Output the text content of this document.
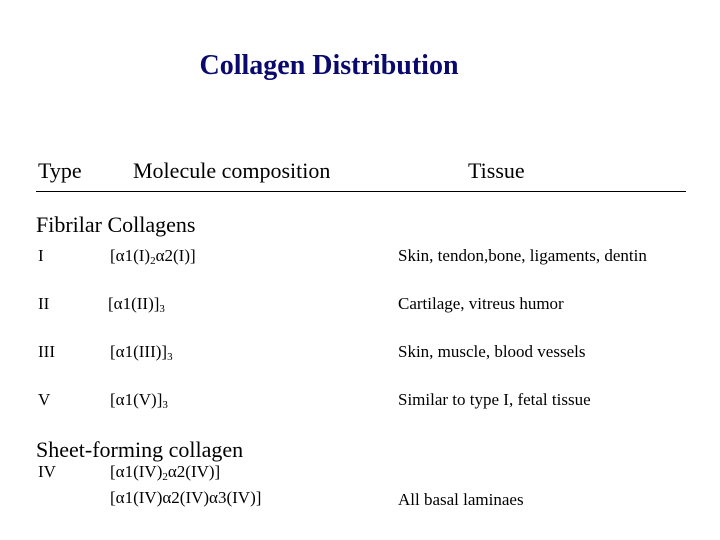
Collagen Distribution
Type Molecule composition	Tissue
Fibrilar Collagens
I	$[\alpha 1(I)_2\alpha 2(I)]$	Skin, tendon,bone, ligaments, dentin
II	$[\alpha 1(II)]_3$	Cartilage, vitreus humor
III	$[\alpha 1(III)]_3$	Skin, muscle, blood vessels
V	$[\alpha 1(V)]_3$	Similar to type I, fetal tissue
Sheet-forming collagen
IV	$[\alpha 1(IV)_2\alpha 2(IV)]$
[α1(IV)α2(IV)α3(IV)]	All basal laminaes
